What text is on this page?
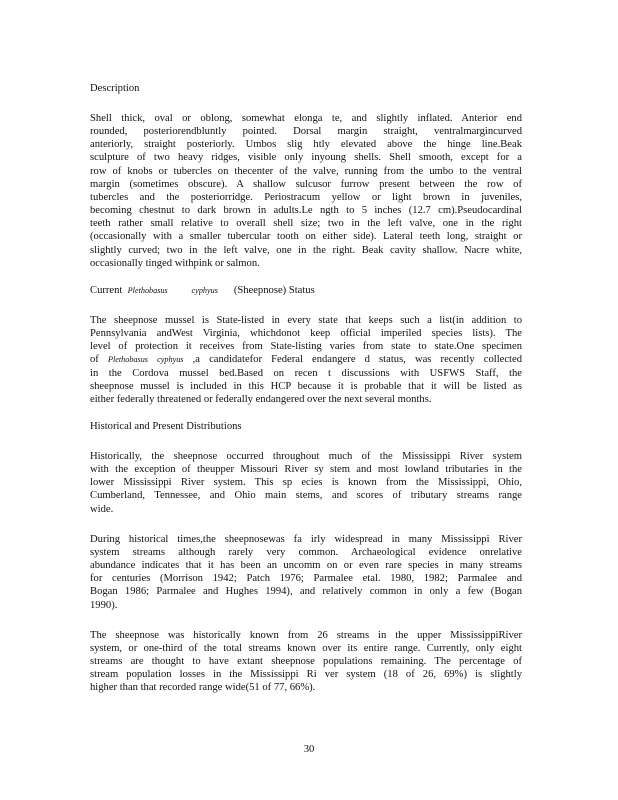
Description

Shell thick, oval or oblong, somewhat elonga te, and slightly inflated. Anterior end
rounded, posteriorendbluntly pointed. Dorsal margin straight, ventralmargincurved
anteriorly, straight posteriorly. Umbos slig htly elevated above the hinge line.Beak
sculpture of two heavy ridges, visible only inyoung shells. Shell smooth, except for a
row of knobs or tubercles on thecenter of the valve, running from the umbo to the ventral
margin (sometimes obscure). A shallow sulcusor furrow present between the row of
tubercles and the posteriorridge. Periostracum yellow or light brown in juveniles,
becoming chestnut to dark brown in adults.Le ngth to 5 inches (12.7 cm).Pseudocardinal
teeth rather small relative to overall shell size; two in the left valve, one in the right
(occasionally with a smaller tubercular tooth on either side). Lateral teeth long, straight or
slightly curved; two in the left valve, one in the right. Beak cavity shallow. Nacre white,
occasionally tinged withpink or salmon.

Current Plethobasus	cyphyus (Sheepnose) Status

The sheepnose mussel is State-listed in every state that keeps such a list(in addition to
Pennsylvania andWest Virginia, whichdonot keep official imperiled species lists). The
level of protection it receives from State-listing varies from state to state.One specimen
of Plethobasus cyphyus ,a candidatefor Federal endangere d status, was recently collected
in the Cordova mussel bed.Based on recen t discussions with USFWS Staff, the
sheepnose mussel is included in this HCP because it is probable that it will be listed as
either federally threatened or federally endangered over the next several months.

Historical and Present Distributions

Historically, the sheepnose occurred throughout much of the Mississippi River system
with the exception of theupper Missouri River sy stem and most lowland tributaries in the
lower Mississippi River system. This sp ecies is known from the Mississippi, Ohio,
Cumberland, Tennessee, and Ohio main stems, and scores of tributary streams range
wide.
During historical times,the sheepnosewas fa irly widespread in many Mississippi River
system streams although rarely very common. Archaeological evidence onrelative
abundance indicates that it has been an uncomm on or even rare species in many streams
for centuries (Morrison 1942; Patch 1976; Parmalee etal. 1980, 1982; Parmalee and
Bogan 1986; Parmalee and Hughes 1994), and relatively common in only a few (Bogan
1990).
The sheepnose was historically known from 26 streams in the upper MississippiRiver
system, or one-third of the total streams known over its entire range. Currently, only eight
streams are thought to have extant sheepnose populations remaining. The percentage of
stream population losses in the Mississippi Ri ver system (18 of 26, 69%) is slightly
higher than that recorded range wide(51 of 77, 66%).
30
